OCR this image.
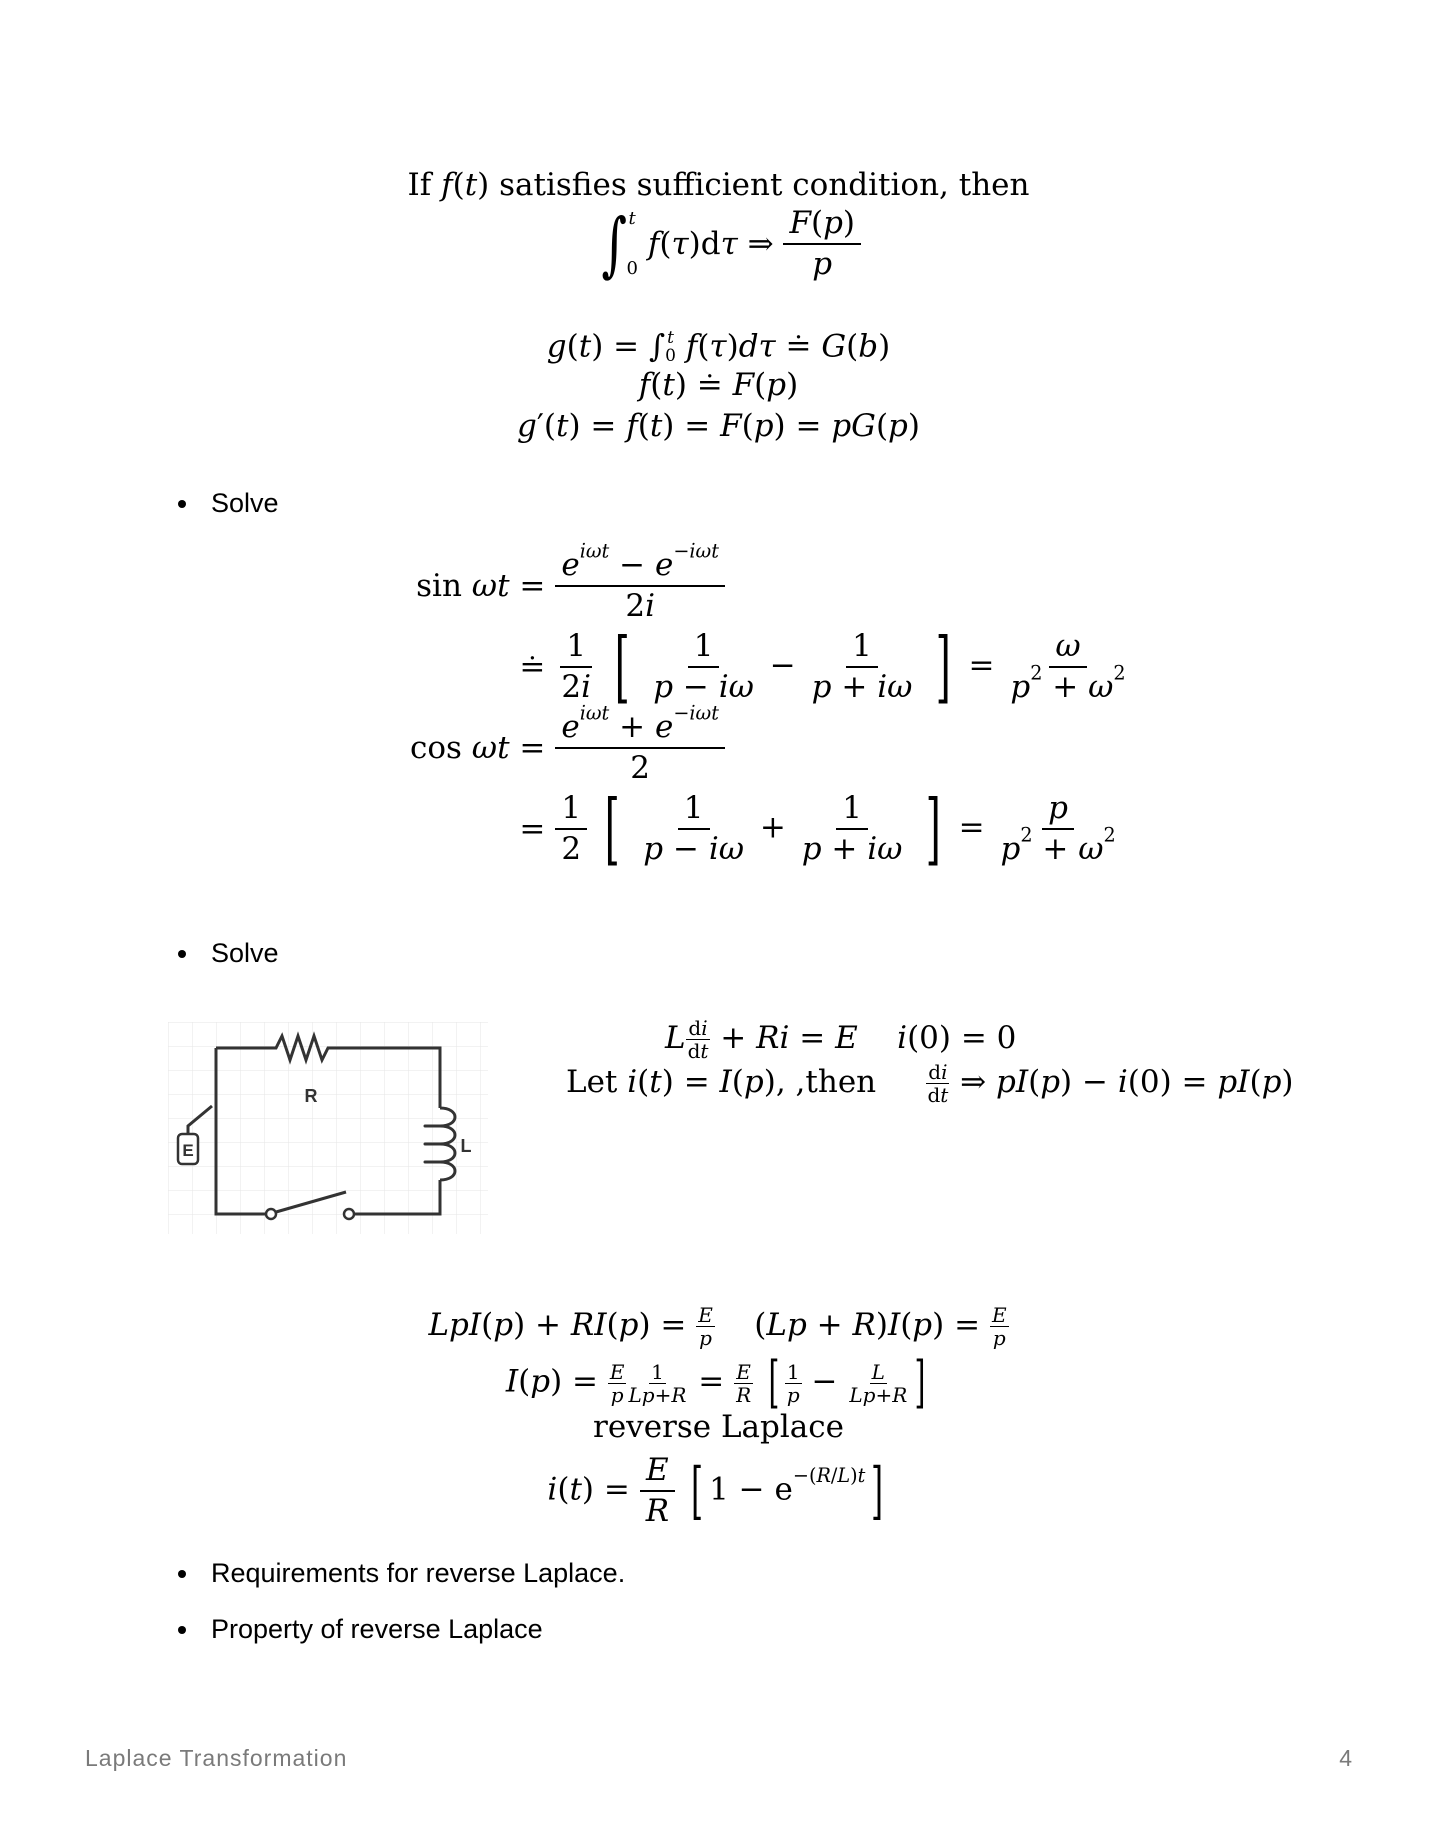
If f(t) satisfies sufficient condition, then
∫ t
0
f ( τ )d τ ⇒ $\frac{F(p)}{p}$
g(t) = ∫ t
0 f(τ)dτ = . G(b)
f(t) = . F(p)
g′(t) = f(t) = F(p) = pG(p)
Solve
$\sin \omega t = \frac{e^{i\omega t} - e^{-i\omega t}}{2i}$
= . $\frac{1}{2i}$ [ $\frac{1}{p - i\omega} - \frac{1}{p + i\omega}$ ] = $\frac{\omega}{p^2 + \omega^2}$
$\cos \omega t = \frac{e^{i\omega t} + e^{-i\omega t}}{2}$
= $\frac{1}{2}$ [ $\frac{1}{p - i\omega} + \frac{1}{p + i\omega}$ ] = $\frac{p}{p^2 + \omega^2}$
Solve
E
R
L
L $\frac{di}{dt} + Ri = E$ i(0) = 0
Let i(t) = I(p), ,then $\frac{di}{dt}$ ⇒ pI(p) − i(0) = pI(p)
$LpI(p) + RI(p) = \frac{E}{p} (Lp + R)I(p) = \frac{E}{p}$
$I(p) = \frac{E}{p} \frac{1}{Lp+R} = \frac{E}{R}$ [ $\frac{1}{p} - \frac{L}{Lp+R}$ ]
reverse Laplace
$i(t) = \frac{E}{R}$ [ $1 - e^{-(R/L)t}$]
Requirements for reverse Laplace.
Property of reverse Laplace
Laplace Transformation	4
